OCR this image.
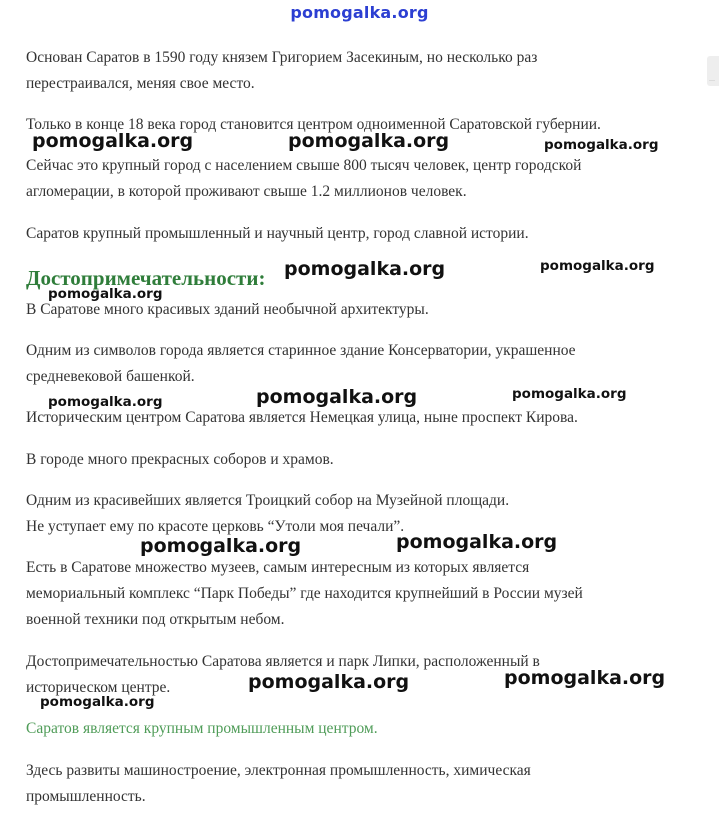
pomogalka.org
Основан Саратов в 1590 году князем Григорием Засекиным, но несколько раз
перестраивался, меняя свое место.
Только в конце 18 века город становится центром одноименной Саратовской губернии.
Сейчас это крупный город с населением свыше 800 тысяч человек, центр городской
агломерации, в которой проживают свыше 1.2 миллионов человек.
Саратов крупный промышленный и научный центр, город славной истории.
Достопримечательности:
В Саратове много красивых зданий необычной архитектуры.
Одним из символов города является старинное здание Консерватории, украшенное
средневековой башенкой.
Историческим центром Саратова является Немецкая улица, ныне проспект Кирова.
В городе много прекрасных соборов и храмов.
Одним из красивейших является Троицкий собор на Музейной площади.
Не уступает ему по красоте церковь “Утоли моя печали”.
Есть в Саратове множество музеев, самым интересным из которых является
мемориальный комплекс “Парк Победы” где находится крупнейший в России музей
военной техники под открытым небом.
Достопримечательностью Саратова является и парк Липки, расположенный в
историческом центре.
Саратов является крупным промышленным центром.
Здесь развиты машиностроение, электронная промышленность, химическая
промышленность.
pomogalka.org	pomogalka.org	pomogalka.org
pomogalka.org	pomogalka.org
pomogalka.org
pomogalka.org	pomogalka.org
pomogalka.org
pomogalka.org	pomogalka.org
pomogalka.org	pomogalka.org
pomogalka.org
